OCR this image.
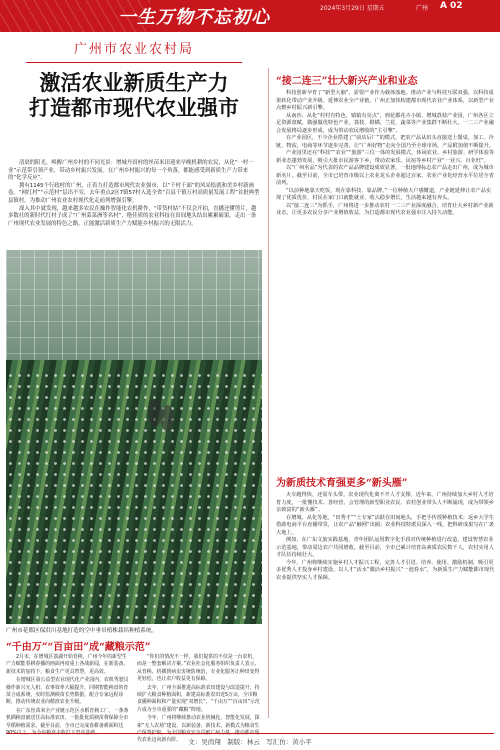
一生万物不忘初心	2024年3月29日 星期五	广州 A 02
广州市农业农村局
激活农业新质生产力
打造都市现代农业强市

清晨的阳光，唤醒广州乡村的不同光景：增城丹田村的丝苗米田迎来早晚机耕的农民，从化“一村一业”示范带引领产业，带动乡村振兴发展。在广州乡村振兴的每一个角落，都能感受到新质生产力带来的“化学反应”。

拥有1145个行政村的广州，正着力打造都市现代农业强市，以“千村千面”的风采绘就和美乡村新画卷。“网红村”“示范村”层出不穷，去年重点2区7镇57村入选全省“百县千镇万村高质量发展工程”首批典型县镇村，为推动广州农业农村现代化走前列增强引擎。

深入其中就发现，越来越多农民在操作智能化农机耕作，“带货村姑”不仅会开拍，直播还懂剪片，越多数社的新时代红村子成了“广州菜菜洲等名村”，绝佳质的农业科技在田间地头结出累累硕果，走出一条广州现代农业发展的特色之路，正能激活新质生产力赋能乡村振兴的无限活力。

广州市花都区保洪川基地打造的空中垂吊植株栽培种植系统。
“千由万”“百亩田”成“藏粮示范”

2月末，在增城区荔湖开始育秧，广州今年的新型生产力赋能春耕春播的画面再度重上各战新闻，在新装备、新技术的加持下，粮食生产更具智慧，更高效。

在增城区第公益型农业现代化产业园内，农机驾驶员操作新兴无人机，农事效率大幅提升。同期智能秧盘的育苗合成系统，实时监测秧苗长势数据，配合专家远程诊断，推动传统农业向精准农业升级。

在广东丝苗米全产业链示范区水稻育秧工厂，一条条机插秧盘被送往高标准农田，一批批优质秧苗将保障全市早稻种植需求。截至目前，全市已完成春耕备耕面积达

“你们的情况不一样，我们提供的不仅是一台农机，而是一整套解决方案。”农业社会化服务组织负责人表示，从育秧、机插到病虫害统防统治，专业化服务让种田变得更轻松，也让农户收益更有保障。

去年，广州全面推进高标准农田建设与改造提升，持续扩大粮食种植面积，新建高标准农田近5万亩，全市粮食播种面积和产量实现“双增长”，“千由万”“百亩田”示范片成为全市重要的“藏粮”阵地。

今年，广州将继续推动农业机械化、智能化发展，探索“无人农场”建设，以新装备、新技术、新模式为粮食生 代农业迈向新台阶。

“接二连三”壮大新兴产业和业态

科技创新孕育了“新型大脑”，需要产业作为载体落地。推动产业与科技互联双强，以科技成果转化带动产业升级、延伸农业全产业链，广州正加快构建都市现代农业产业体系，以新型产业点燃乡村振兴新引擎。

从南沙、从化“村村有特色、镇镇有亮点”，到花都花卉小镇、增城荔枝产业园，广州各区立足资源禀赋，做强做优特色产业。荔枝、柑橘、兰花、蔬菜等产业集群不断壮大，一二三产业融合发展格局逐步形成，成为带动农民增收的“主引擎”。

在产业园区，不少企业搭建了“前店后厂”的模式，把农产品从田头直接送上餐桌。加工、冷链、物流、电商等环节逐步完善，让“广州好物”走向全国乃至全球市场，产品附加值不断提升。

产业园里还在“科技”“农业”“旅游”三位一体的发展模式，休闲农业、乡村旅游、研学体验等新业态蓬勃发展，吸引大批市民游客下乡，带动农家乐、民宿等乡村产业“一业兴、百业旺”。

以“广州名品”为代表的农产品品牌建设成效显著，一批地理标志农产品走出广州，成为城市新名片。截至目前，全市已培育市级以上农业龙头企业超过百家，农业产业化经营水平位居全省前列。

“以前种地靠天吃饭，现在靠科技、靠品牌。”一位种植大户感慨道，产业链延伸让农产品实现了优质优价，村民在家门口就能就业，收入稳步增长，生活越来越有奔头。

以“接二连三”为抓手，广州将进一步推动农村一二三产业深度融合，培育壮大乡村新产业新业态，让更多农民分享产业增值收益，为打造都市现代农业强市注入持久动能。

为新质技术育强更多“新头雁”

火车跑得快，还需车头带。农业现代化离不开人才支撑。近年来，广州持续加大乡村人才培育力度，一批懂技术、善经营、会管理的新型职业农民、农村创业带头人不断涌现，成为带领乡亲致富的“新头雁”。

在增城、从化等地，“田秀才”“土专家”活跃在田间地头，手把手传授种植技术；返乡大学生借助电商平台直播带货，让农产品“触网”出圈；农业科技特派员深入一线，把科研成果写在广袤大地上。

例如，在广东文旅实践基地，青年团队运用数字化手段对传统种植进行改造，建设智慧农业示范基地，带动周边农户共同增收。截至目前，全市已累计培育高素质农民数千人，农村实用人才队伍持续壮大。

今年，广州将继续实施乡村人才振兴工程，完善人才引进、培养、使用、激励机制，吸引更多优秀人才投身乡村建设，以人才“活水”激活乡村振兴“一池春水”，为新质生产力赋能都市现代农业提供坚实人才保障。

文：吴茵翔　制版：林云　写汇仿：黄小平
